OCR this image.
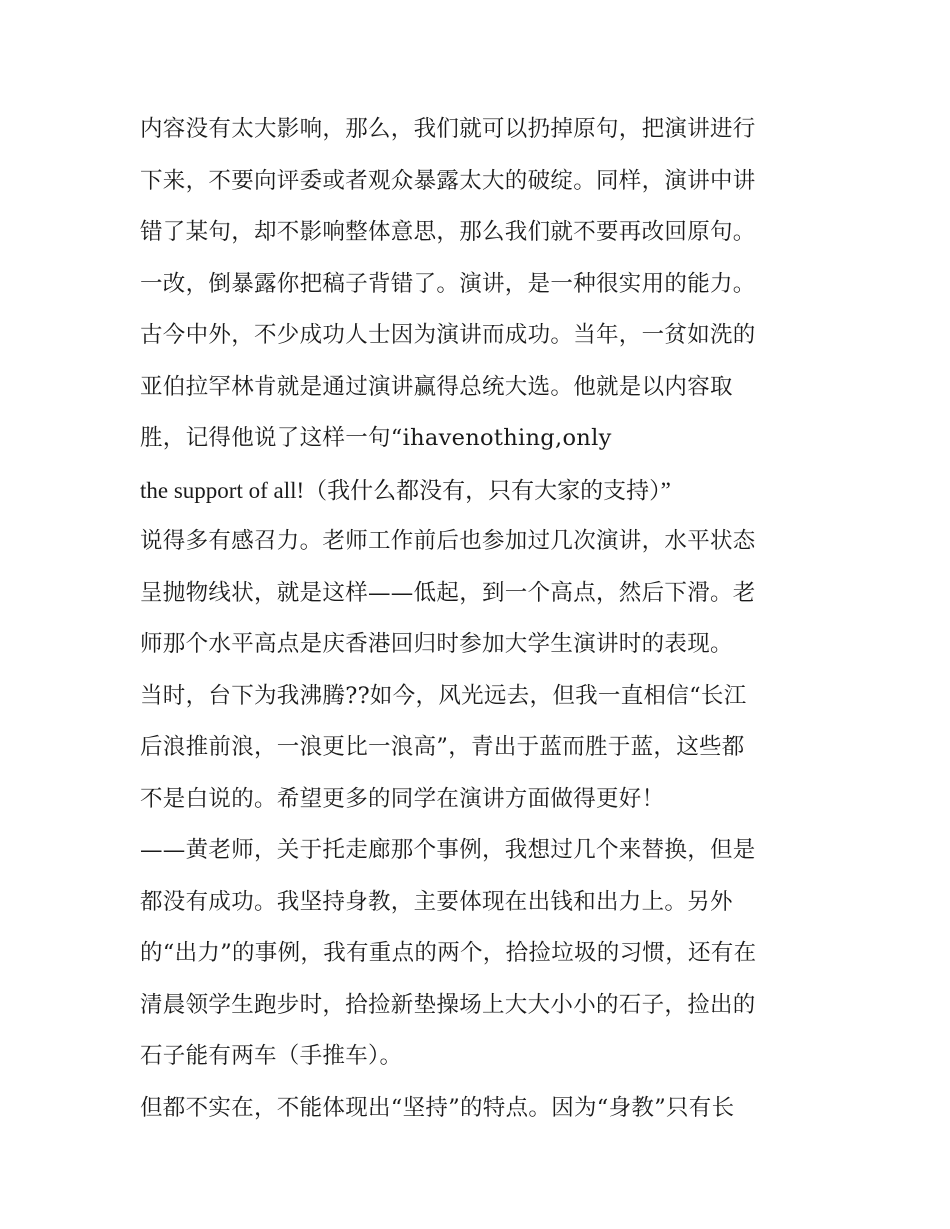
内容没有太大影响，那么，我们就可以扔掉原句，把演讲进行
下来，不要向评委或者观众暴露太大的破绽。同样，演讲中讲
错了某句，却不影响整体意思，那么我们就不要再改回原句。
一改，倒暴露你把稿子背错了。演讲，是一种很实用的能力。
古今中外，不少成功人士因为演讲而成功。当年，一贫如洗的
亚伯拉罕林肯就是通过演讲赢得总统大选。他就是以内容取
胜，记得他说了这样一句“ihavenothing,only
the support of all!（我什么都没有，只有大家的支持）”
说得多有感召力。老师工作前后也参加过几次演讲，水平状态
呈抛物线状，就是这样——低起，到一个高点，然后下滑。老
师那个水平高点是庆香港回归时参加大学生演讲时的表现。
当时，台下为我沸腾??如今，风光远去，但我一直相信“长江
后浪推前浪，一浪更比一浪高”，青出于蓝而胜于蓝，这些都
不是白说的。希望更多的同学在演讲方面做得更好！
——黄老师，关于托走廊那个事例，我想过几个来替换，但是
都没有成功。我坚持身教，主要体现在出钱和出力上。另外
的“出力”的事例，我有重点的两个，拾捡垃圾的习惯，还有在
清晨领学生跑步时，拾捡新垫操场上大大小小的石子，捡出的
石子能有两车（手推车）。
但都不实在，不能体现出“坚持”的特点。因为“身教”只有长
